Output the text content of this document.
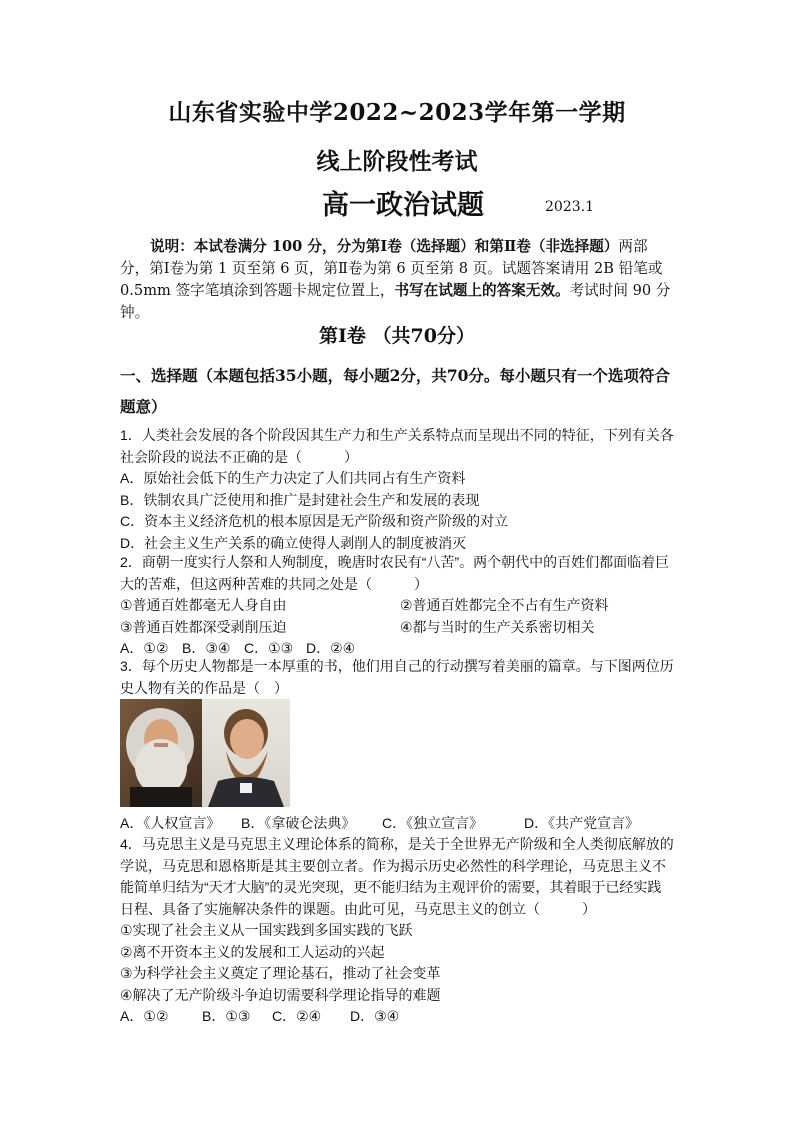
山东省实验中学2022~2023学年第一学期
线上阶段性考试
高一政治试题	2023.1
说明：本试卷满分 100 分，分为第Ⅰ卷（选择题）和第Ⅱ卷（非选择题）两部分，第Ⅰ卷为第 1 页至第 6 页，第Ⅱ卷为第 6 页至第 8 页。试题答案请用 2B 铅笔或 0.5mm 签字笔填涂到答题卡规定位置上，书写在试题上的答案无效。考试时间 90 分钟。
第Ⅰ卷 （共70分）
一、选择题（本题包括35小题，每小题2分，共70分。每小题只有一个选项符合题意）

1．人类社会发展的各个阶段因其生产力和生产关系特点而呈现出不同的特征，下列有关各社会阶段的说法不正确的是（　　　）

A．原始社会低下的生产力决定了人们共同占有生产资料

B．铁制农具广泛使用和推广是封建社会生产和发展的表现

C．资本主义经济危机的根本原因是无产阶级和资产阶级的对立

D．社会主义生产关系的确立使得人剥削人的制度被消灭

2．商朝一度实行人祭和人殉制度，晚唐时农民有“八苦”。两个朝代中的百姓们都面临着巨大的苦难，但这两种苦难的共同之处是（　　　）

①普通百姓都毫无人身自由	②普通百姓都完全不占有生产资料
③普通百姓都深受剥削压迫	④都与当时的生产关系密切相关
A．①② B．③④ C．①③ D．②④

3．每个历史人物都是一本厚重的书，他们用自己的行动撰写着美丽的篇章。与下图两位历史人物有关的作品是（　）

A．《人权宣言》	B．《拿破仑法典》	C．《独立宣言》	D．《共产党宣言》

4．马克思主义是马克思主义理论体系的简称，是关于全世界无产阶级和全人类彻底解放的学说，马克思和恩格斯是其主要创立者。作为揭示历史必然性的科学理论，马克思主义不能简单归结为“天才大脑”的灵光突现，更不能归结为主观评价的需要，其着眼于已经实践日程、具备了实施解决条件的课题。由此可见，马克思主义的创立（　　　）

①实现了社会主义从一国实践到多国实践的飞跃

②离不开资本主义的发展和工人运动的兴起

③为科学社会主义奠定了理论基石，推动了社会变革

④解决了无产阶级斗争迫切需要科学理论指导的难题

A．①②	B．①③	C．②④	D．③④
